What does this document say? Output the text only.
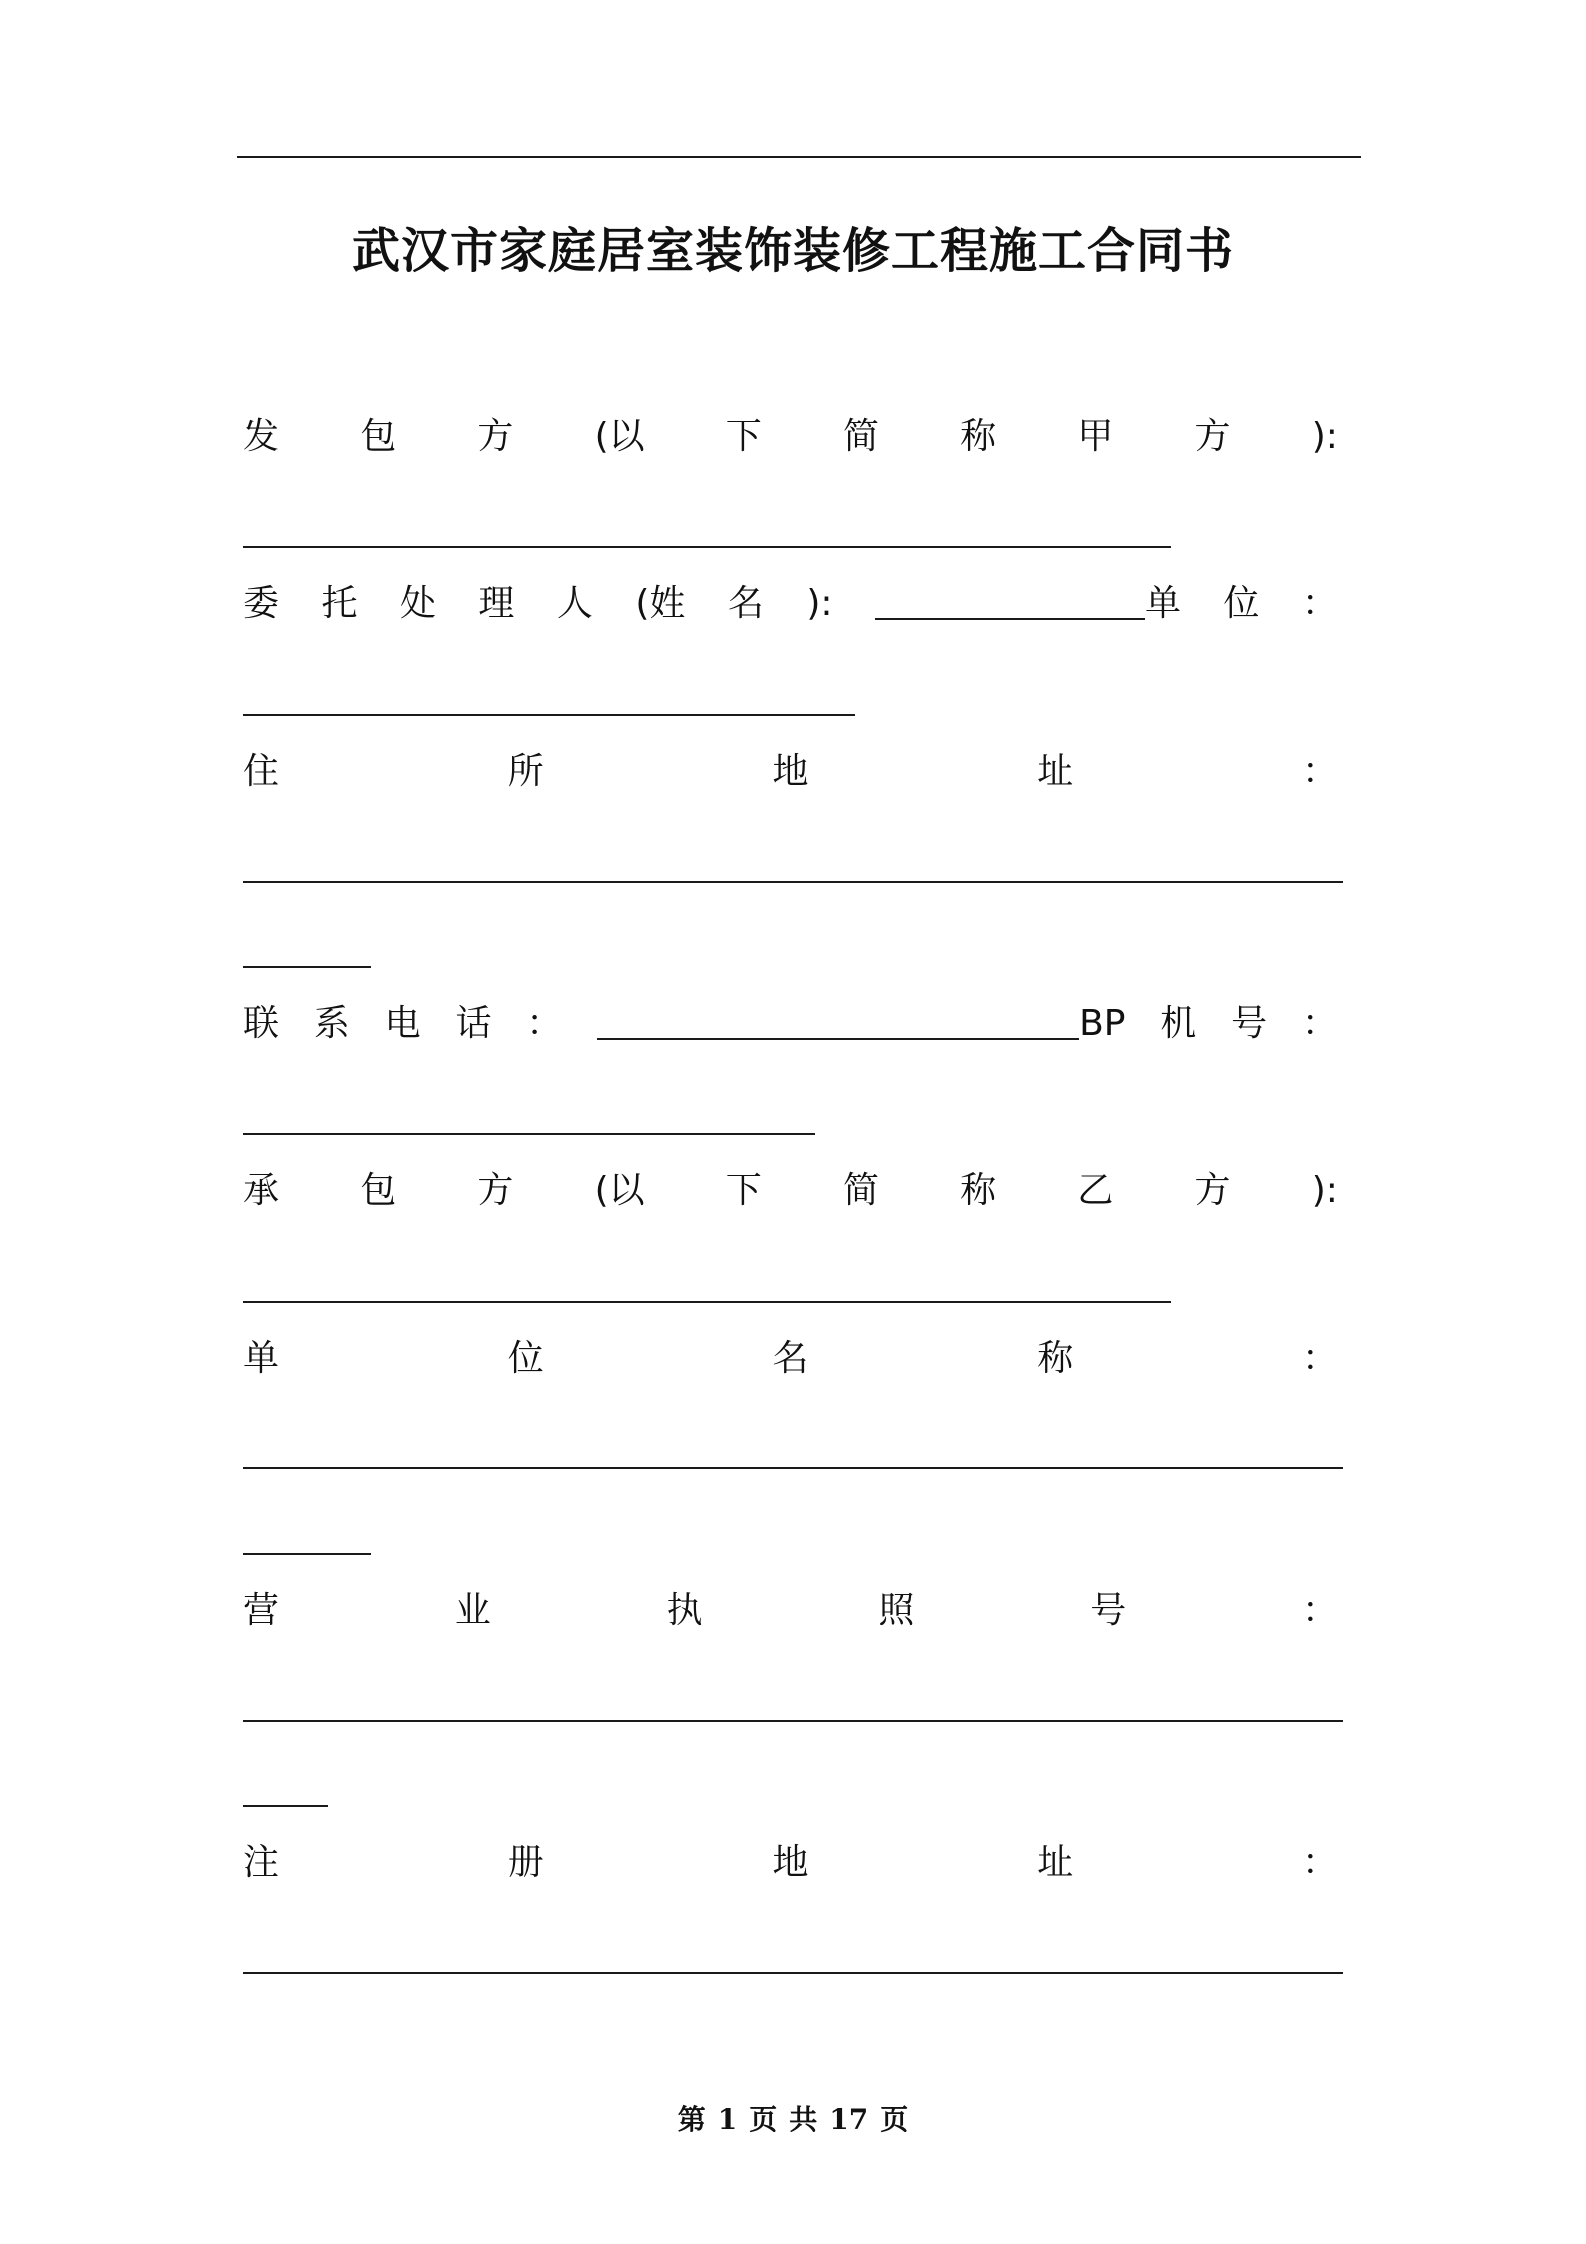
武汉市家庭居室装饰装修工程施工合同书
发 包 方 (以 下 简 称 甲 方 ):
委 托 处 理 人 (姓 名 ):	单 位 ：
住	所	地	址	：
联 系 电 话 ：	BP 机 号 ：
承 包 方 (以 下 简 称 乙 方 ):
单	位	名	称	：
营	业	执	照	号	：
注	册	地	址	：
第 1 页 共 17 页
